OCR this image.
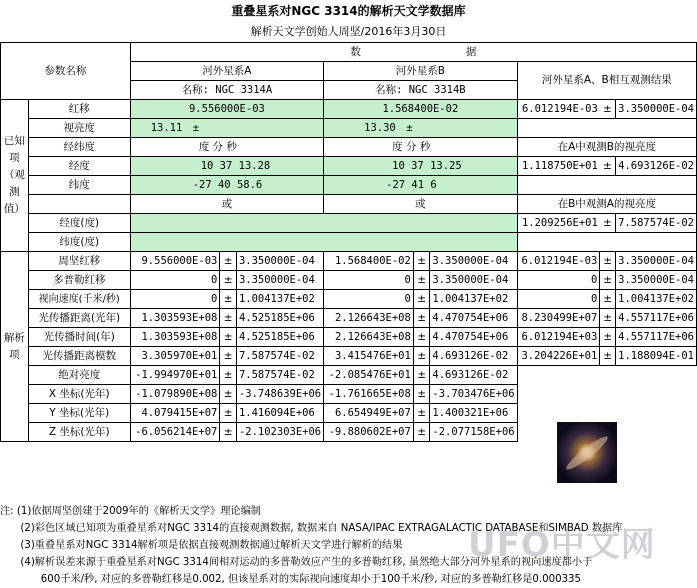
重叠星系对NGC 3314的解析天文学数据库
解析天文学创始人周坚/2016年3月30日
参数名称		数　　　　　　　　　　据								
		河外星系A			河外星系B			河外星系A、B相互观测结果		
		名称: NGC 3314A			名称: NGC 3314B					
已知项（观测值）	红移	9.556000E-03			1.568400E-02			6.012194E-03	±	3.350000E-04
	视亮度	13.11　±			13.30　±					
	经纬度	度 分 秒			度 分 秒			在A中观测B的视亮度		
	经度	10 37 13.28			10 37 13.25			1.118750E+01	±	4.693126E-02
	纬度	-27 40 58.6			-27 41 6					
		或			或			在B中观测A的视亮度		
	经度(度)							1.209256E+01	±	7.587574E-02
	纬度(度)									
解析项	周坚红移	9.556000E-03	±	3.350000E-04	1.568400E-02	±	3.350000E-04	6.012194E-03	±	3.350000E-04
	多普勒红移	0	±	3.350000E-04	0	±	3.350000E-04	0	±	3.350000E-04
	视向速度(千米/秒)	0	±	1.004137E+02	0	±	1.004137E+02	0	±	1.004137E+02
	光传播距离(光年)	1.303593E+08	±	4.525185E+06	2.126643E+08	±	4.470754E+06	8.230499E+07	±	4.557117E+06
	光传播时间(年)	1.303593E+08	±	4.525185E+06	2.126643E+08	±	4.470754E+06	6.012194E+03	±	4.557117E+06
	光传播距离模数	3.305970E+01	±	7.587574E-02	3.415476E+01	±	4.693126E-02	3.204226E+01	±	1.188094E-01
	绝对亮度	-1.994970E+01	±	7.587574E-02	-2.085476E+01	±	4.693126E-02			
	X 坐标(光年)	-1.079890E+08	±	-3.748639E+06	-1.761665E+08	±	-3.703476E+06			
	Y 坐标(光年)	4.079415E+07	±	1.416094E+06	6.654949E+07	±	1.400321E+06			
	Z 坐标(光年)	-6.056214E+07	±	-2.102303E+06	-9.880602E+07	±	-2.077158E+06			
注: (1)依据周坚创建于2009年的《解析天文学》理论编制
　　(2)彩色区域已知项为重叠星系对NGC 3314的直接观测数据, 数据来自 NASA/IPAC EXTRAGALACTIC DATABASE和SIMBAD 数据库
　　(3)重叠星系对NGC 3314解析项是依据直接观测数据通过解析天文学进行解析的结果
　　(4)解析误差来源于重叠星系对NGC 3314间相对运动的多普勒效应产生的多普勒红移, 虽然绝大部分河外星系的视向速度都小于
　　　　600千米/秒, 对应的多普勒红移是0.002, 但该星系对的实际视向速度却小于100千米/秒, 对应的多普勒红移是0.000335
UFO中文网
